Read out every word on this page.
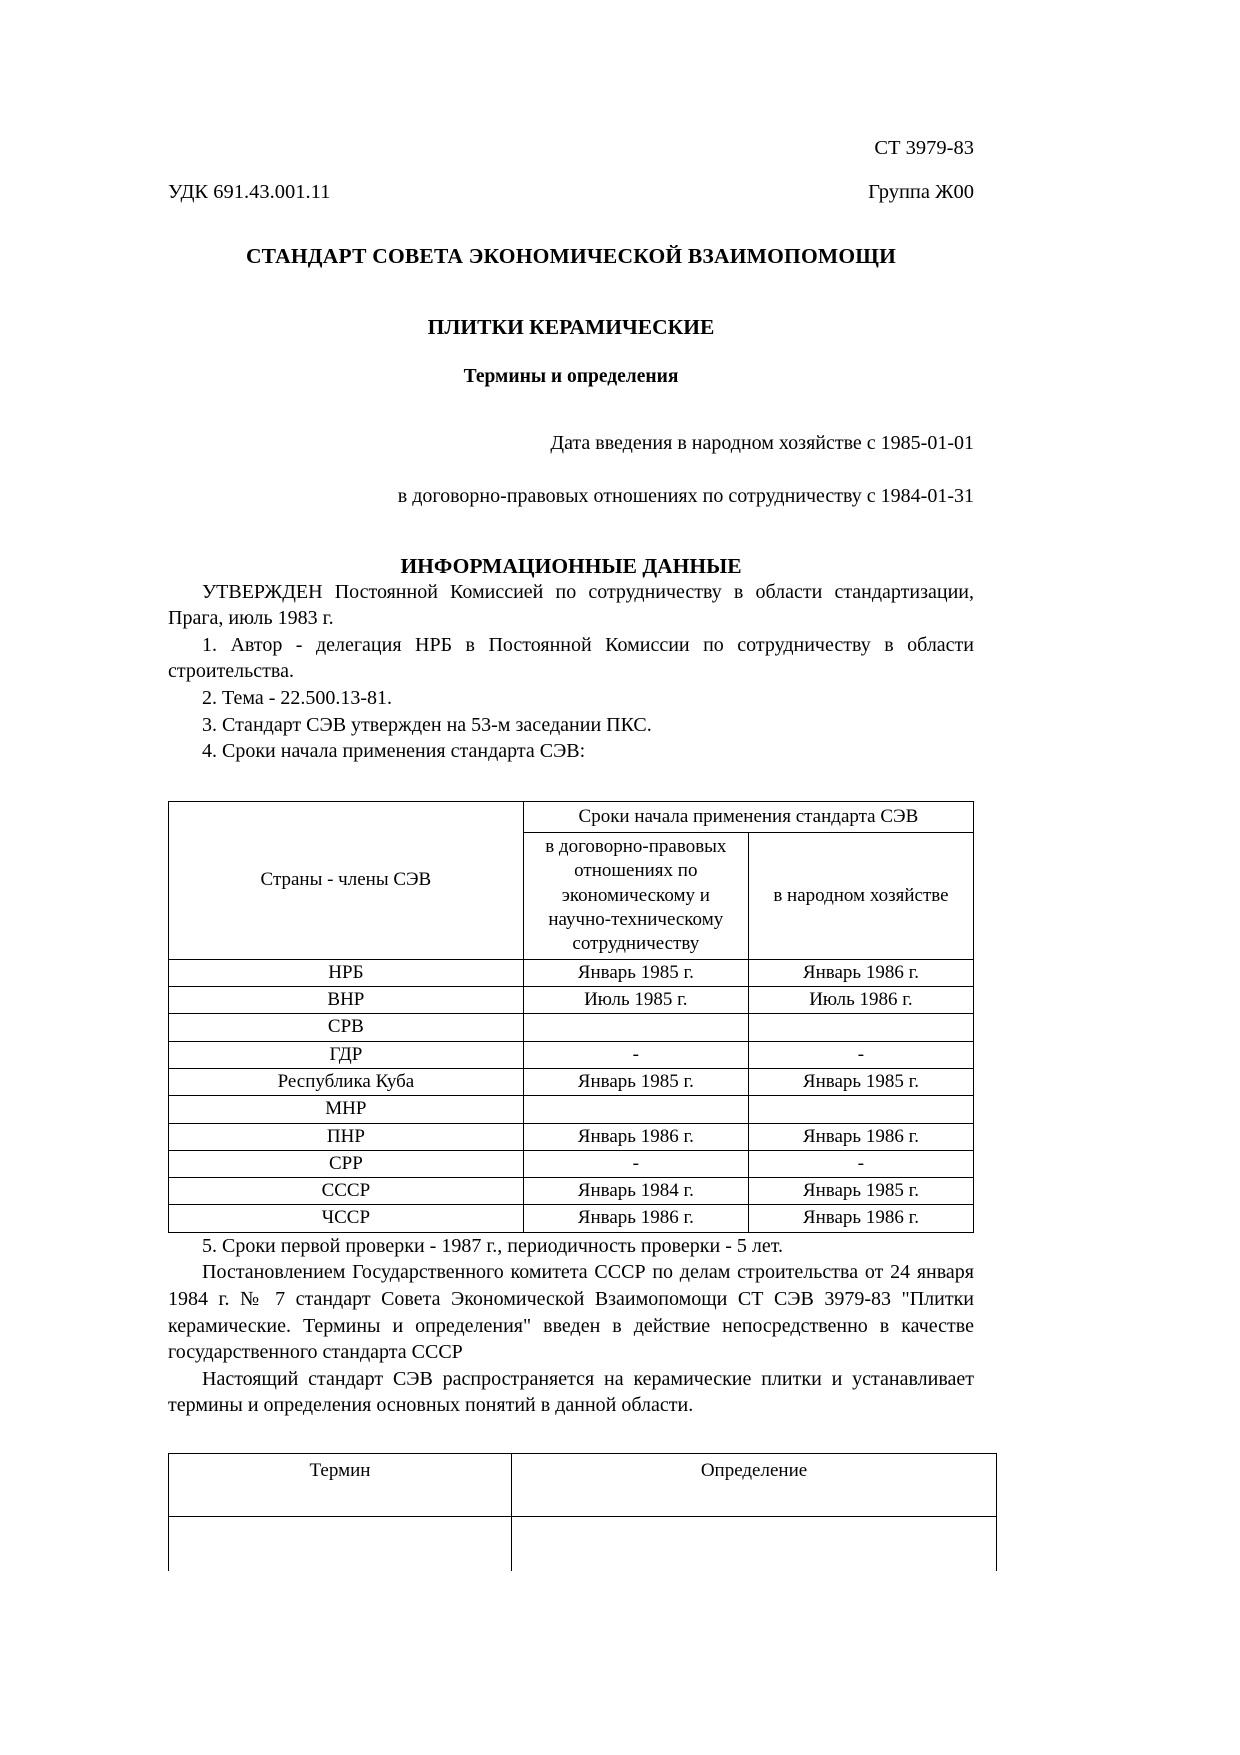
СТ 3979-83
УДК 691.43.001.11	Группа Ж00
СТАНДАРТ СОВЕТА ЭКОНОМИЧЕСКОЙ ВЗАИМОПОМОЩИ
ПЛИТКИ КЕРАМИЧЕСКИЕ
Термины и определения
Дата введения в народном хозяйстве с 1985-01-01
в договорно-правовых отношениях по сотрудничеству с 1984-01-31
ИНФОРМАЦИОННЫЕ ДАННЫЕ

УТВЕРЖДЕН Постоянной Комиссией по сотрудничеству в области стандартизации, Прага, июль 1983 г.

1. Автор - делегация НРБ в Постоянной Комиссии по сотрудничеству в области строительства.

2. Тема - 22.500.13-81.

3. Стандарт СЭВ утвержден на 53-м заседании ПКС.

4. Сроки начала применения стандарта СЭВ:

Страны - члены СЭВ	Сроки начала применения стандарта СЭВ	
	в договорно-правовых отношениях по экономическому и научно-техническому сотрудничеству	в народном хозяйстве
НРБ	Январь 1985 г.	Январь 1986 г.
ВНР	Июль 1985 г.	Июль 1986 г.
СРВ		
ГДР	-	-
Республика Куба	Январь 1985 г.	Январь 1985 г.
МНР		
ПНР	Январь 1986 г.	Январь 1986 г.
СРР	-	-
СССР	Январь 1984 г.	Январь 1985 г.
ЧССР	Январь 1986 г.	Январь 1986 г.

5. Сроки первой проверки - 1987 г., периодичность проверки - 5 лет.

Постановлением Государственного комитета СССР по делам строительства от 24 января 1984 г. № 7 стандарт Совета Экономической Взаимопомощи СТ СЭВ 3979-83 "Плитки керамические. Термины и определения" введен в действие непосредственно в качестве государственного стандарта СССР

Настоящий стандарт СЭВ распространяется на керамические плитки и устанавливает термины и определения основных понятий в данной области.

Термин	Определение
